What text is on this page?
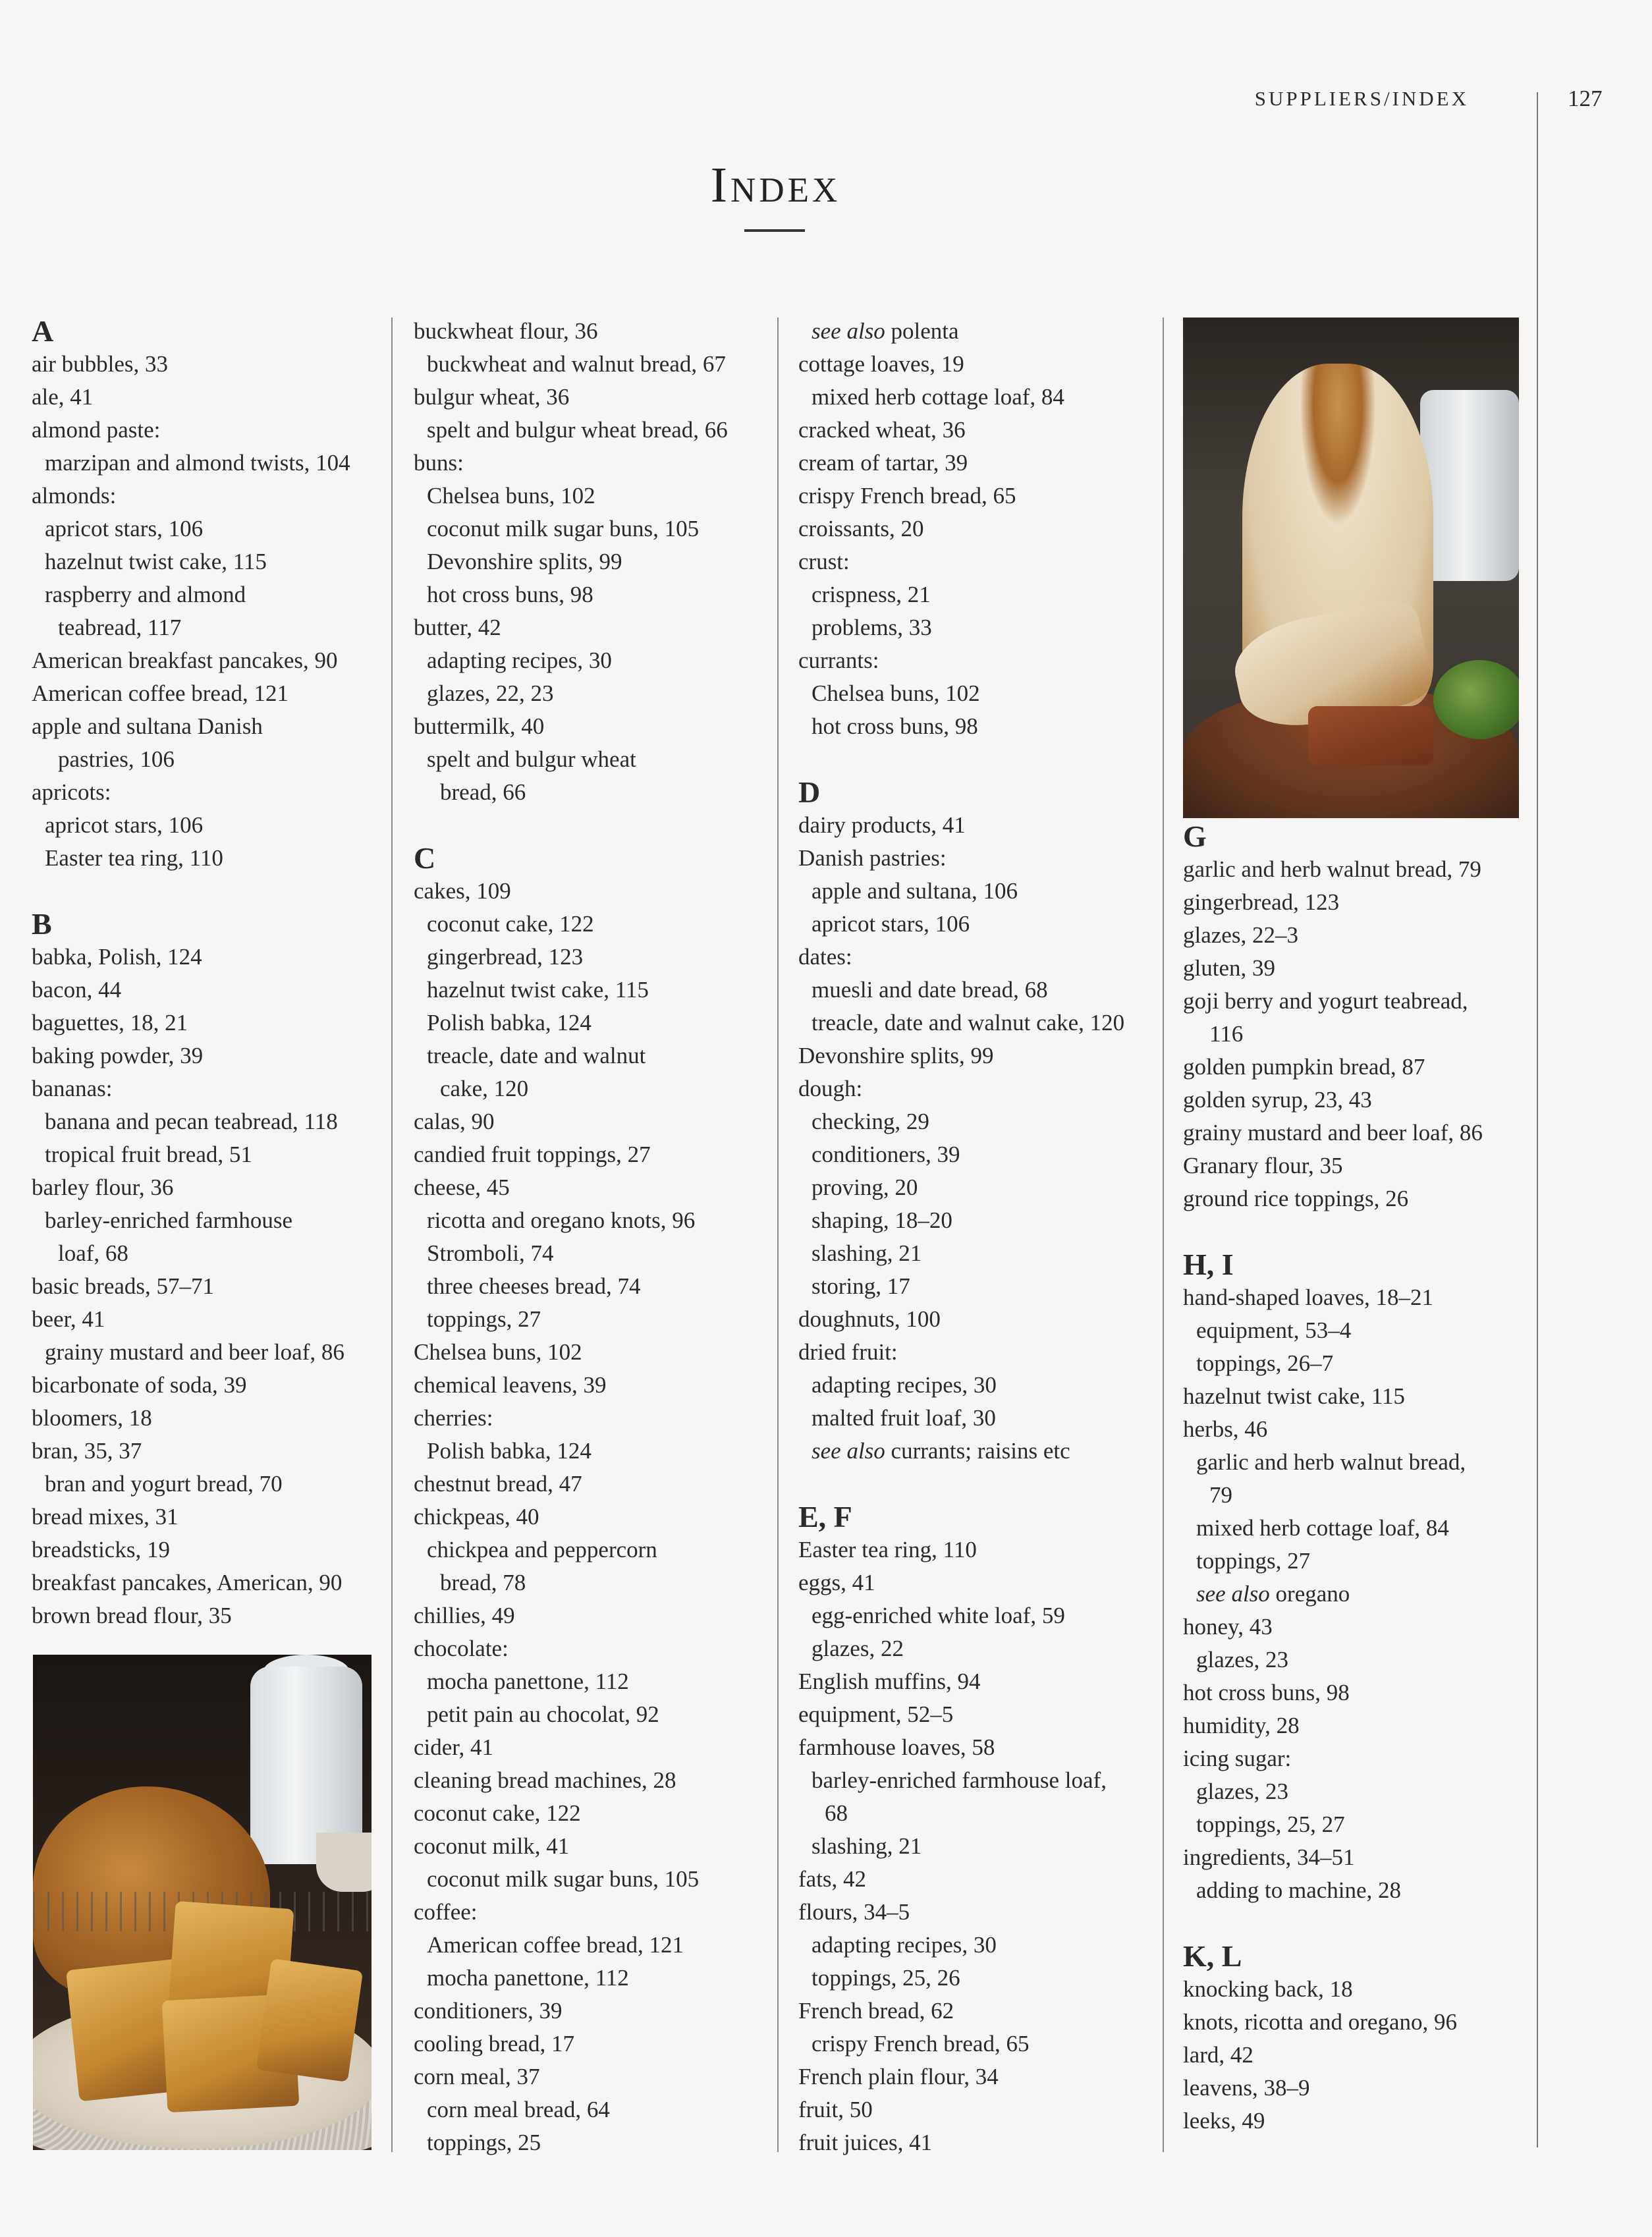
SUPPLIERS/INDEX	127
Index
A
air bubbles, 33
ale, 41
almond paste:
marzipan and almond twists, 104
almonds:
apricot stars, 106
hazelnut twist cake, 115
raspberry and almond
teabread, 117
American breakfast pancakes, 90
American coffee bread, 121
apple and sultana Danish
pastries, 106
apricots:
apricot stars, 106
Easter tea ring, 110
B
babka, Polish, 124
bacon, 44
baguettes, 18, 21
baking powder, 39
bananas:
banana and pecan teabread, 118
tropical fruit bread, 51
barley flour, 36
barley-enriched farmhouse
loaf, 68
basic breads, 57–71
beer, 41
grainy mustard and beer loaf, 86
bicarbonate of soda, 39
bloomers, 18
bran, 35, 37
bran and yogurt bread, 70
bread mixes, 31
breadsticks, 19
breakfast pancakes, American, 90
brown bread flour, 35
buckwheat flour, 36
buckwheat and walnut bread, 67
bulgur wheat, 36
spelt and bulgur wheat bread, 66
buns:
Chelsea buns, 102
coconut milk sugar buns, 105
Devonshire splits, 99
hot cross buns, 98
butter, 42
adapting recipes, 30
glazes, 22, 23
buttermilk, 40
spelt and bulgur wheat
bread, 66
C
cakes, 109
coconut cake, 122
gingerbread, 123
hazelnut twist cake, 115
Polish babka, 124
treacle, date and walnut
cake, 120
calas, 90
candied fruit toppings, 27
cheese, 45
ricotta and oregano knots, 96
Stromboli, 74
three cheeses bread, 74
toppings, 27
Chelsea buns, 102
chemical leavens, 39
cherries:
Polish babka, 124
chestnut bread, 47
chickpeas, 40
chickpea and peppercorn
bread, 78
chillies, 49
chocolate:
mocha panettone, 112
petit pain au chocolat, 92
cider, 41
cleaning bread machines, 28
coconut cake, 122
coconut milk, 41
coconut milk sugar buns, 105
coffee:
American coffee bread, 121
mocha panettone, 112
conditioners, 39
cooling bread, 17
corn meal, 37
corn meal bread, 64
toppings, 25
see also polenta
cottage loaves, 19
mixed herb cottage loaf, 84
cracked wheat, 36
cream of tartar, 39
crispy French bread, 65
croissants, 20
crust:
crispness, 21
problems, 33
currants:
Chelsea buns, 102
hot cross buns, 98
D
dairy products, 41
Danish pastries:
apple and sultana, 106
apricot stars, 106
dates:
muesli and date bread, 68
treacle, date and walnut cake, 120
Devonshire splits, 99
dough:
checking, 29
conditioners, 39
proving, 20
shaping, 18–20
slashing, 21
storing, 17
doughnuts, 100
dried fruit:
adapting recipes, 30
malted fruit loaf, 30
see also currants; raisins etc
E, F
Easter tea ring, 110
eggs, 41
egg-enriched white loaf, 59
glazes, 22
English muffins, 94
equipment, 52–5
farmhouse loaves, 58
barley-enriched farmhouse loaf,
68
slashing, 21
fats, 42
flours, 34–5
adapting recipes, 30
toppings, 25, 26
French bread, 62
crispy French bread, 65
French plain flour, 34
fruit, 50
fruit juices, 41
G
garlic and herb walnut bread, 79
gingerbread, 123
glazes, 22–3
gluten, 39
goji berry and yogurt teabread,
116
golden pumpkin bread, 87
golden syrup, 23, 43
grainy mustard and beer loaf, 86
Granary flour, 35
ground rice toppings, 26
H, I
hand-shaped loaves, 18–21
equipment, 53–4
toppings, 26–7
hazelnut twist cake, 115
herbs, 46
garlic and herb walnut bread,
79
mixed herb cottage loaf, 84
toppings, 27
see also oregano
honey, 43
glazes, 23
hot cross buns, 98
humidity, 28
icing sugar:
glazes, 23
toppings, 25, 27
ingredients, 34–51
adding to machine, 28
K, L
knocking back, 18
knots, ricotta and oregano, 96
lard, 42
leavens, 38–9
leeks, 49
